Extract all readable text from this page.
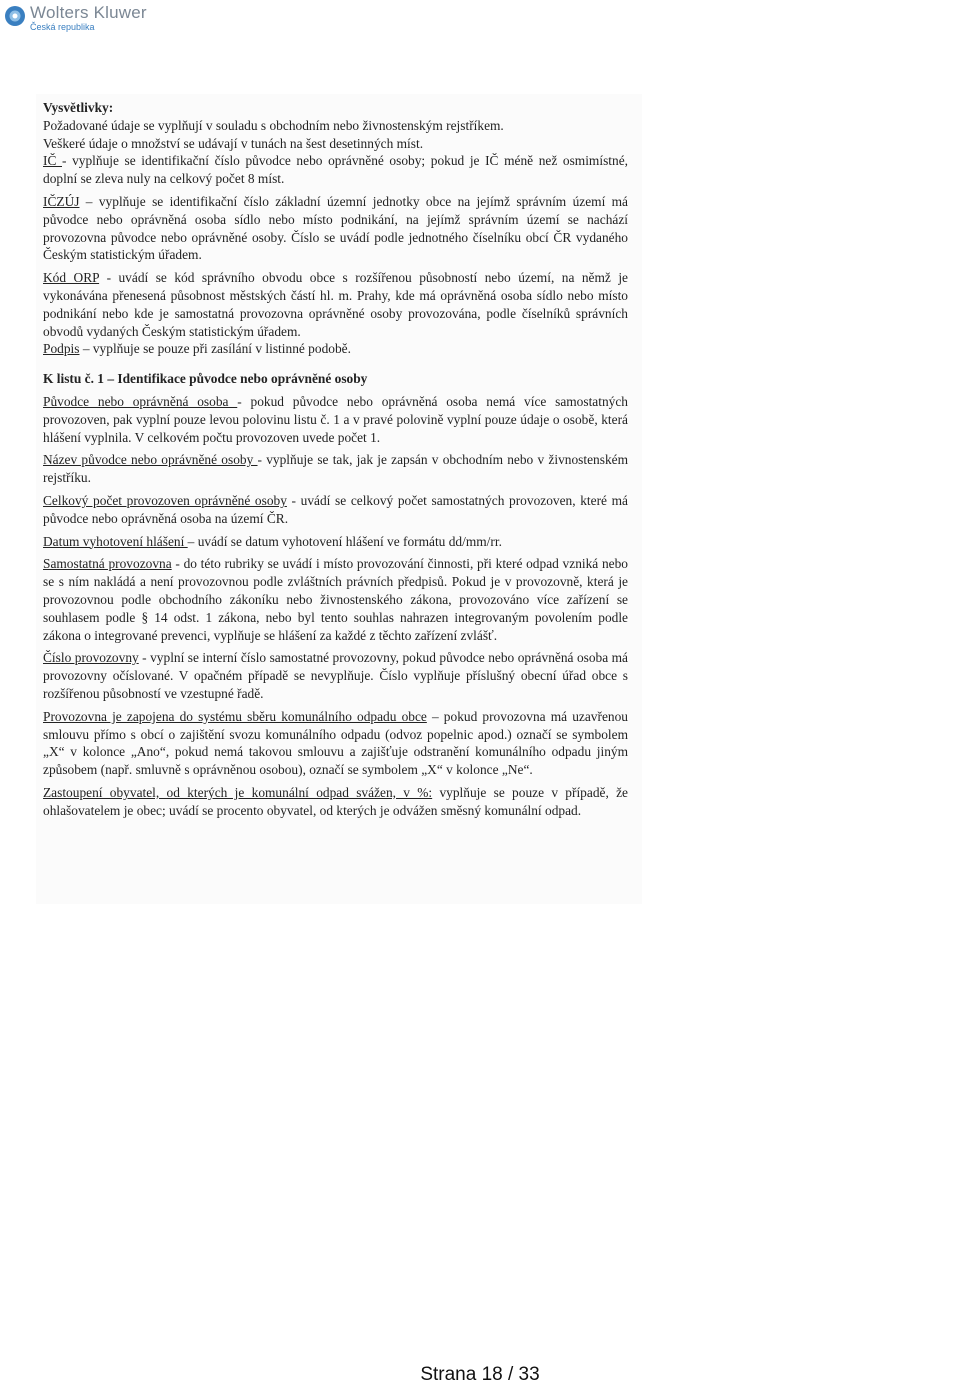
Wolters Kluwer
Česká republika

Vysvětlivky:

Požadované údaje se vyplňují v souladu s obchodním nebo živnostenským rejstříkem.

Veškeré údaje o množství se udávají v tunách na šest desetinných míst.

IČ - vyplňuje se identifikační číslo původce nebo oprávněné osoby; pokud je IČ méně než osmimístné, doplní se zleva nuly na celkový počet 8 míst.

IČZÚJ – vyplňuje se identifikační číslo základní územní jednotky obce na jejímž správním území má původce nebo oprávněná osoba sídlo nebo místo podnikání, na jejímž správním území se nachází provozovna původce nebo oprávněné osoby. Číslo se uvádí podle jednotného číselníku obcí ČR vydaného Českým statistickým úřadem.

Kód ORP - uvádí se kód správního obvodu obce s rozšířenou působností nebo území, na němž je vykonávána přenesená působnost městských částí hl. m. Prahy, kde má oprávněná osoba sídlo nebo místo podnikání nebo kde je samostatná provozovna oprávněné osoby provozována, podle číselníků správních obvodů vydaných Českým statistickým úřadem.

Podpis – vyplňuje se pouze při zasílání v listinné podobě.

K listu č. 1 – Identifikace původce nebo oprávněné osoby

Původce nebo oprávněná osoba - pokud původce nebo oprávněná osoba nemá více samostatných provozoven, pak vyplní pouze levou polovinu listu č. 1 a v pravé polovině vyplní pouze údaje o osobě, která hlášení vyplnila. V celkovém počtu provozoven uvede počet 1.

Název původce nebo oprávněné osoby - vyplňuje se tak, jak je zapsán v obchodním nebo v živnostenském rejstříku.

Celkový počet provozoven oprávněné osoby - uvádí se celkový počet samostatných provozoven, které má původce nebo oprávněná osoba na území ČR.

Datum vyhotovení hlášení – uvádí se datum vyhotovení hlášení ve formátu dd/mm/rr.

Samostatná provozovna - do této rubriky se uvádí i místo provozování činnosti, při které odpad vzniká nebo se s ním nakládá a není provozovnou podle zvláštních právních předpisů. Pokud je v provozovně, která je provozovnou podle obchodního zákoníku nebo živnostenského zákona, provozováno více zařízení se souhlasem podle § 14 odst. 1 zákona, nebo byl tento souhlas nahrazen integrovaným povolením podle zákona o integrované prevenci, vyplňuje se hlášení za každé z těchto zařízení zvlášť.

Číslo provozovny - vyplní se interní číslo samostatné provozovny, pokud původce nebo oprávněná osoba má provozovny očíslované. V opačném případě se nevyplňuje. Číslo vyplňuje příslušný obecní úřad obce s rozšířenou působností ve vzestupné řadě.

Provozovna je zapojena do systému sběru komunálního odpadu obce – pokud provozovna má uzavřenou smlouvu přímo s obcí o zajištění svozu komunálního odpadu (odvoz popelnic apod.) označí se symbolem „X“ v kolonce „Ano“, pokud nemá takovou smlouvu a zajišťuje odstranění komunálního odpadu jiným způsobem (např. smluvně s oprávněnou osobou), označí se symbolem „X“ v kolonce „Ne“.

Zastoupení obyvatel, od kterých je komunální odpad svážen, v %: vyplňuje se pouze v případě, že ohlašovatelem je obec; uvádí se procento obyvatel, od kterých je odvážen směsný komunální odpad.

Strana 18 / 33
